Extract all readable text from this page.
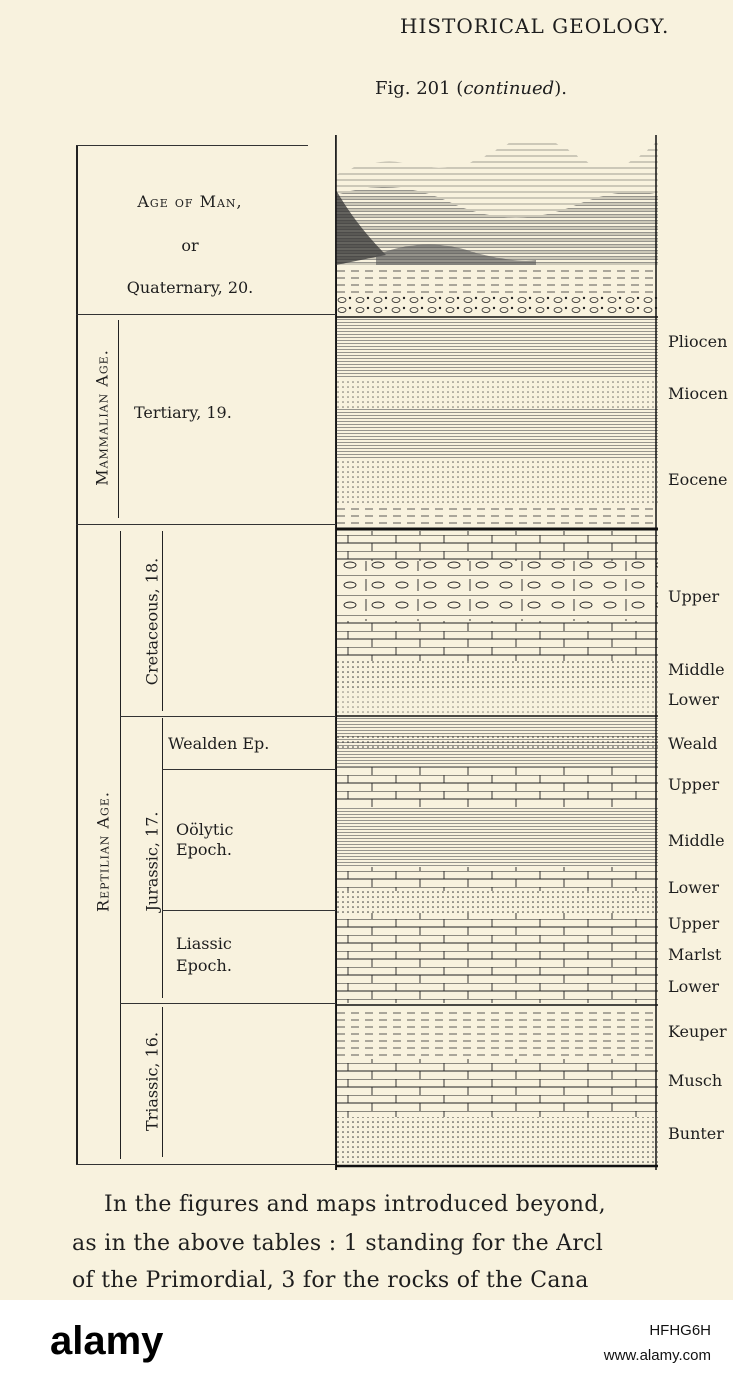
HISTORICAL GEOLOGY.
Fig. 201 (continued).
Age of Man,
or
Quaternary, 20.
Mammalian Age. Tertiary, 19.
Reptilian Age.
Cretaceous, 18.
Jurassic, 17.
Triassic, 16.
Wealden Ep.
Oölytic
Epoch.
Liassic
Epoch.
Pliocen
Miocen
Eocene
Upper
Middle
Lower
Weald
Upper
Middle
Lower
Upper
Marlst
Lower
Keuper
Musch
Bunter
In the figures and maps introduced beyond,
as in the above tables : 1 standing for the Arcl
of the Primordial, 3 for the rocks of the Cana
alamy	HFHG6H
www.alamy.com
